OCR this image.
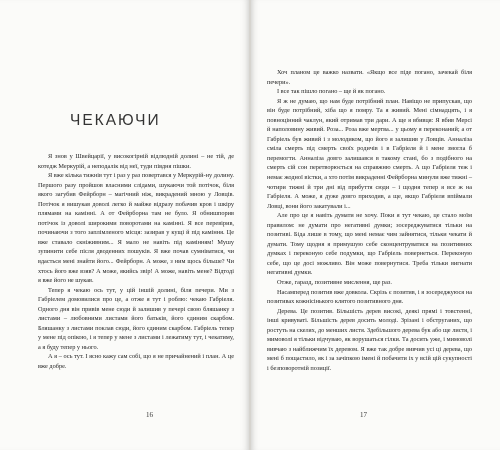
ЧЕКАЮЧИ

Я знов у Швейцарії, у високогірній відлюдній долині – не тій, де котедж Меркурій, а неподалік від неї, туди півдня пішки.

Я вже кілька тижнів тут і раз у раз повертався у Меркурій-ну долину. Першого разу пройшов власними слідами, шукаючи той потічок, біля якого загубив Фейрборн – магічний ніж, викрадений мною у Ловців. Потічок я вишукав доволі легко й майже відразу побачив кров і шкіру плямами на камінні. А от Фейрборна там не було. Я обнишпорив потічок із доволі широкими поворотами на камінні. Я все перевірив, починаючи з того заплімленого місця: зазирав у кущі й під каміння. Це вже ставало скніживним... Я мало не навіть під камінням! Мушу зупинити себе після дводенних пошуків. Я вже почав сумніватися, чи вдасться мені знайти його... Фейрборн. А може, з ним щось більше? Чи хтось його вже взяв? А може, якийсь звір! А може, навіть мене? Відтоді я вже його не шукав.

Тепер я чекаю ось тут, у цій іншій долині, біля печери. Ми з Габріелем домовилися про це, а отже я тут і роблю: чекаю Габріеля. Одного дня він привів мене сюди й залишив у печері свою бляшанку з листами – любовними листами його батьків, його єдиним скарбом. Бляшанку з листами поклав сюди, його єдиним скарбом. Габріель тепер у мене під опікою, і я тепер у мене з листами і лежатиму тут, і чекатиму, а я буду тепер у нього.

А я – ось тут. І ясно кажу сам собі, що я не причайнений і план. А це вже добре.

16

Хоч планом це важко назвати. «Якщо все піде погано, зачекай біля печери».

І все так пішло погано – ще й як погано.

Я ж не думаю, що нам буде потрібний план. Навіщо не припускав, що він буде потрібний, хіба що я помру. Та я живий. Мені сімнадцять, і я повноцінний чаклун, який отримав три дари. А ще я вбивця: Я вбив Мерсі й наполовину живий. Розa... Роза вже мертва... у цьому я переконаний; а от Габріель був живий і з молодиком, що його я залишив у Ловців. Анналіза сміла смерть під смерть своїх родичів і в Габріеля й і мене змогла б перемогти. Анналіза довго залишався в такому стані, бо з подібного на смерть сій сон перетворюється на справжню смерть. А що Габріеля теж і немає жодної вістки, а хто потім викраденні Фейрборна минули вже тижні – чотири тижні й три дні від прибуття сюди – і щодня тепер я все ж на Габріеля. А може, я дуже довго приходив, а ще, якщо Габріеля впіймали Ловці, вони його закатували і...

Але про це я навіть думати не хочу. Поки я тут чекаю, це стало моїм правилом: не думати про негативні думки; зосереджуватися тільки на позитиві. Біда лише в тому, що мені немає чим зайнятися, тільки чекати й думати. Тому щодня я примушую себе сконцентруватися на позитивних думках і переконую себе подумки, що Габріель повернеться. Переконую себе, що це досі можливо. Він може повернутися. Треба тільки вигнати негативні думки.

Отже, гаразд, позитивне мислення, ще раз.

Насамперед позитив вже довкола. Скрізь є позитив, і я зосереджуюся на позитивах кожнісінького клятого позитивного дня.

Дерева. Це позитив. Більшість дерев високі, деякі прямі і товстенні, інші кривуваті. Більшість дерев досить молоді. Зрізані і обструганих, що ростуть на скелях, до менших листя. Здебільшого дерева бук або ще листя, і мимоволі я тільки відчуваю, як ворушаться гілки. Та досить уже, і мимоволі вивчаю з найближчим їх деревом. Я вже так добре вивчив усі ці дерева, що мені б пощастило, як і за зачіпкою імені й побачити іх у всій цій сукупності і безповоротній позиції.

17
